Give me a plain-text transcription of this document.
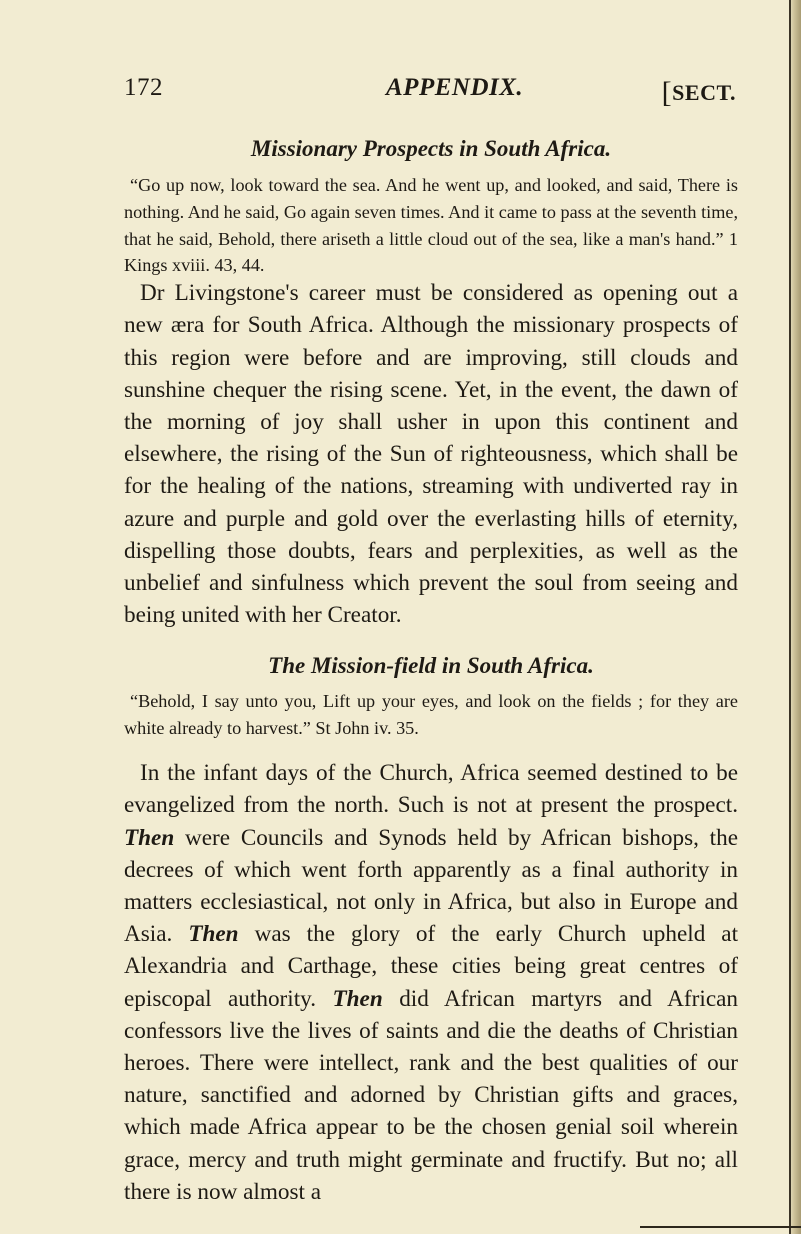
172	APPENDIX.	[SECT.
Missionary Prospects in South Africa.

“Go up now, look toward the sea. And he went up, and looked, and said, There is nothing. And he said, Go again seven times. And it came to pass at the seventh time, that he said, Behold, there ariseth a little cloud out of the sea, like a man's hand.” 1 Kings xviii. 43, 44.

Dr Livingstone's career must be considered as opening out a new æra for South Africa. Although the missionary prospects of this region were before and are improving, still clouds and sunshine chequer the rising scene. Yet, in the event, the dawn of the morning of joy shall usher in upon this continent and elsewhere, the rising of the Sun of righteousness, which shall be for the healing of the nations, streaming with undiverted ray in azure and purple and gold over the everlasting hills of eternity, dispelling those doubts, fears and perplexities, as well as the unbelief and sinfulness which prevent the soul from seeing and being united with her Creator.

The Mission-field in South Africa.

“Behold, I say unto you, Lift up your eyes, and look on the fields ; for they are white already to harvest.” St John iv. 35.

In the infant days of the Church, Africa seemed destined to be evangelized from the north. Such is not at present the prospect. Then were Councils and Synods held by African bishops, the decrees of which went forth apparently as a final authority in matters ecclesiastical, not only in Africa, but also in Europe and Asia. Then was the glory of the early Church upheld at Alexandria and Carthage, these cities being great centres of episcopal authority. Then did African martyrs and African confessors live the lives of saints and die the deaths of Christian heroes. There were intellect, rank and the best qualities of our nature, sanctified and adorned by Christian gifts and graces, which made Africa appear to be the chosen genial soil wherein grace, mercy and truth might germinate and fructify. But no; all there is now almost a
